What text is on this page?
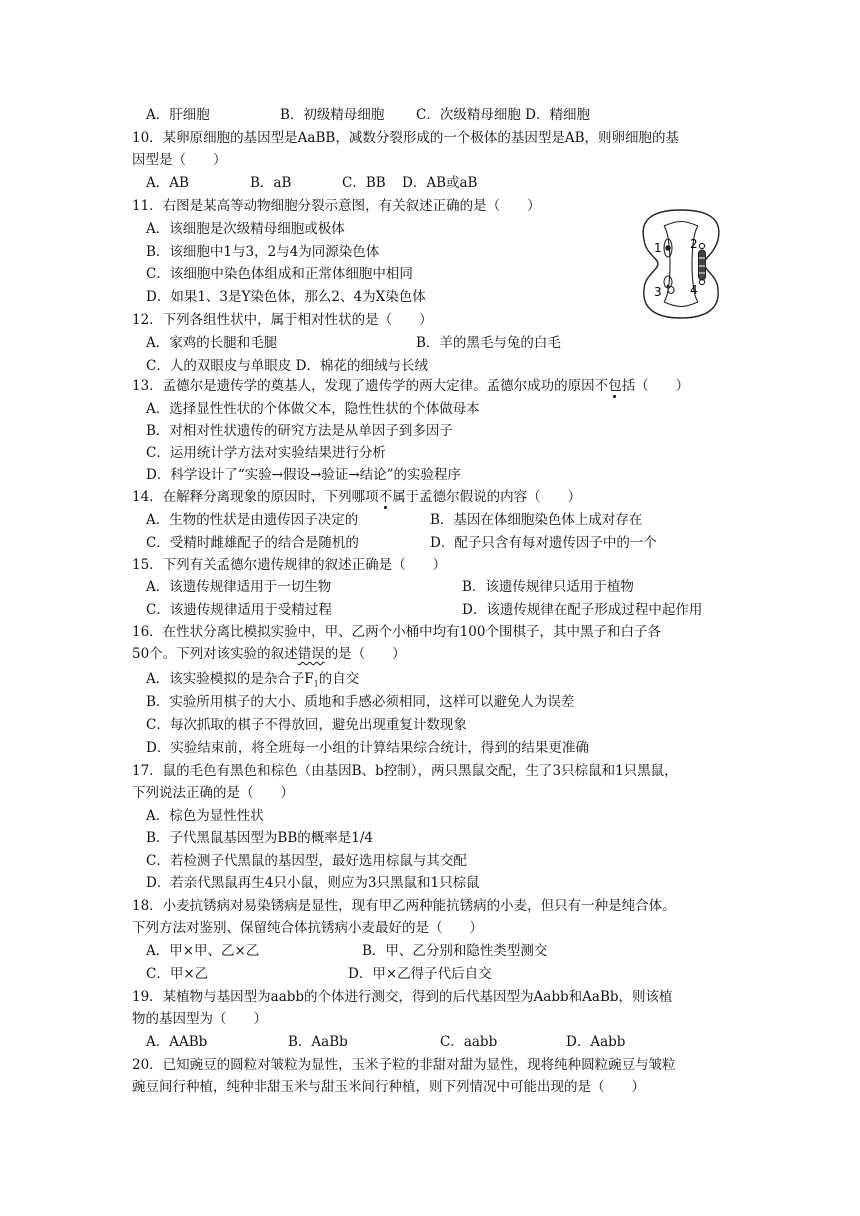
A．肝细胞	B．初级精母细胞 C．次级精母细胞 D．精细胞
10．某卵原细胞的基因型是AaBB，减数分裂形成的一个极体的基因型是AB，则卵细胞的基
因型是（　　）
A．AB	B．aB	C．BB D．AB或aB
11．右图是某高等动物细胞分裂示意图，有关叙述正确的是（　　）
A．该细胞是次级精母细胞或极体
B．该细胞中1与3，2与4为同源染色体
C．该细胞中染色体组成和正常体细胞中相同
D．如果1、3是Y染色体，那么2、4为X染色体
1 2
3 4
12．下列各组性状中，属于相对性状的是（　　）
A．家鸡的长腿和毛腿	B．羊的黑毛与兔的白毛
C．人的双眼皮与单眼皮 D．棉花的细绒与长绒
13．孟德尔是遗传学的奠基人，发现了遗传学的两大定律。孟德尔成功的原因不包括（　　）
A．选择显性性状的个体做父本，隐性性状的个体做母本
B．对相对性状遗传的研究方法是从单因子到多因子
C．运用统计学方法对实验结果进行分析
D．科学设计了“实验→假设→验证→结论”的实验程序
14．在解释分离现象的原因时，下列哪项不属于孟德尔假说的内容（　　）
A．生物的性状是由遗传因子决定的	B．基因在体细胞染色体上成对存在
C．受精时雌雄配子的结合是随机的	D．配子只含有每对遗传因子中的一个
15．下列有关孟德尔遗传规律的叙述正确是（　　）
A．该遗传规律适用于一切生物	B．该遗传规律只适用于植物
C．该遗传规律适用于受精过程	D．该遗传规律在配子形成过程中起作用
16．在性状分离比模拟实验中，甲、乙两个小桶中均有100个围棋子，其中黑子和白子各
50个。下列对该实验的叙述错误的是（　　）
A．该实验模拟的是杂合子$F_1$的自交
B．实验所用棋子的大小、质地和手感必须相同，这样可以避免人为误差
C．每次抓取的棋子不得放回，避免出现重复计数现象
D．实验结束前，将全班每一小组的计算结果综合统计，得到的结果更准确
17．鼠的毛色有黑色和棕色（由基因B、b控制），两只黑鼠交配，生了3只棕鼠和1只黑鼠，
下列说法正确的是（　　）
A．棕色为显性性状
B．子代黑鼠基因型为BB的概率是1/4
C．若检测子代黑鼠的基因型，最好选用棕鼠与其交配
D．若亲代黑鼠再生4只小鼠，则应为3只黑鼠和1只棕鼠
18．小麦抗锈病对易染锈病是显性，现有甲乙两种能抗锈病的小麦，但只有一种是纯合体。
下列方法对鉴别、保留纯合体抗锈病小麦最好的是（　　）
A．甲×甲、乙×乙	B．甲、乙分别和隐性类型测交
C．甲×乙	D．甲×乙得子代后自交
19．某植物与基因型为aabb的个体进行测交，得到的后代基因型为Aabb和AaBb，则该植
物的基因型为（　　）
A．AABb	B．AaBb	C．aabb	D．Aabb
20．已知豌豆的圆粒对皱粒为显性，玉米子粒的非甜对甜为显性，现将纯种圆粒豌豆与皱粒
豌豆间行种植，纯种非甜玉米与甜玉米间行种植，则下列情况中可能出现的是（　　）
